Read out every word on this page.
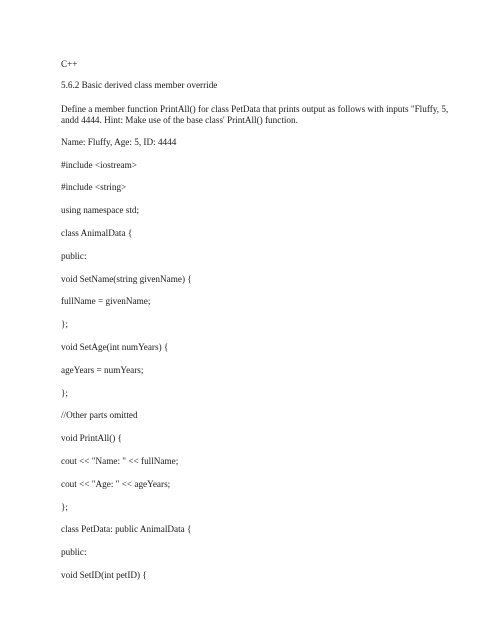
C++

5.6.2 Basic derived class member override

Define a member function PrintAll() for class PetData that prints output as follows with inputs "Fluffy, 5, andd 4444. Hint: Make use of the base class' PrintAll() function.

Name: Fluffy, Age: 5, ID: 4444

#include <iostream>

#include <string>

using namespace std;

class AnimalData {

public:

void SetName(string givenName) {

fullName = givenName;

};

void SetAge(int numYears) {

ageYears = numYears;

};

//Other parts omitted

void PrintAll() {

cout << "Name: " << fullName;

cout << "Age: " << ageYears;

};

class PetData: public AnimalData {

public:

void SetID(int petID) {
